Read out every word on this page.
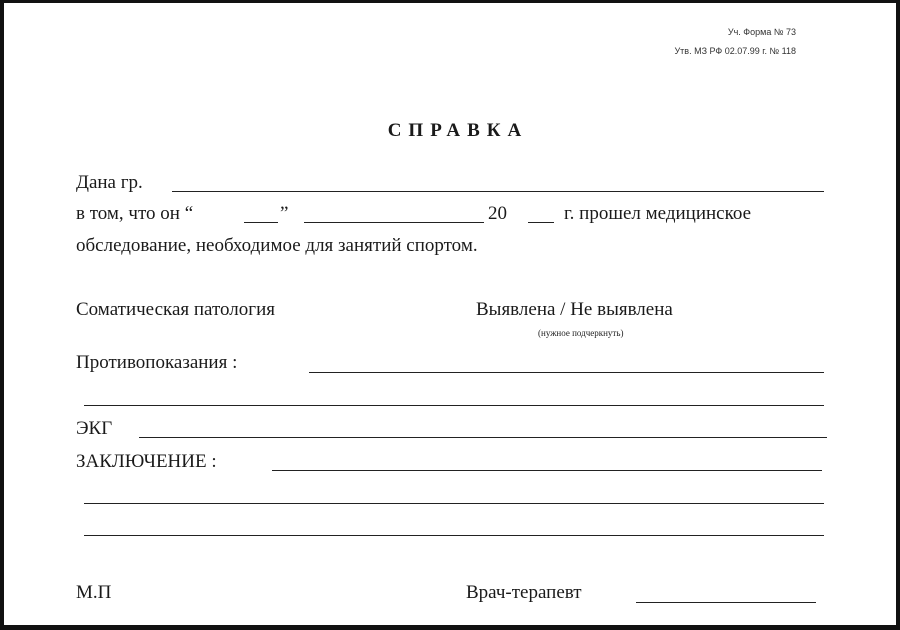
Уч. Форма № 73
Утв. МЗ РФ 02.07.99 г. № 118
СПРАВКА
Дана гр.
в том, что он “	”	20	г. прошел медицинское
обследование, необходимое для занятий спортом.
Соматическая патология	Выявлена / Не выявлена
(нужное подчеркнуть)
Противопоказания :
ЭКГ
ЗАКЛЮЧЕНИЕ :
М.П	Врач-терапевт
